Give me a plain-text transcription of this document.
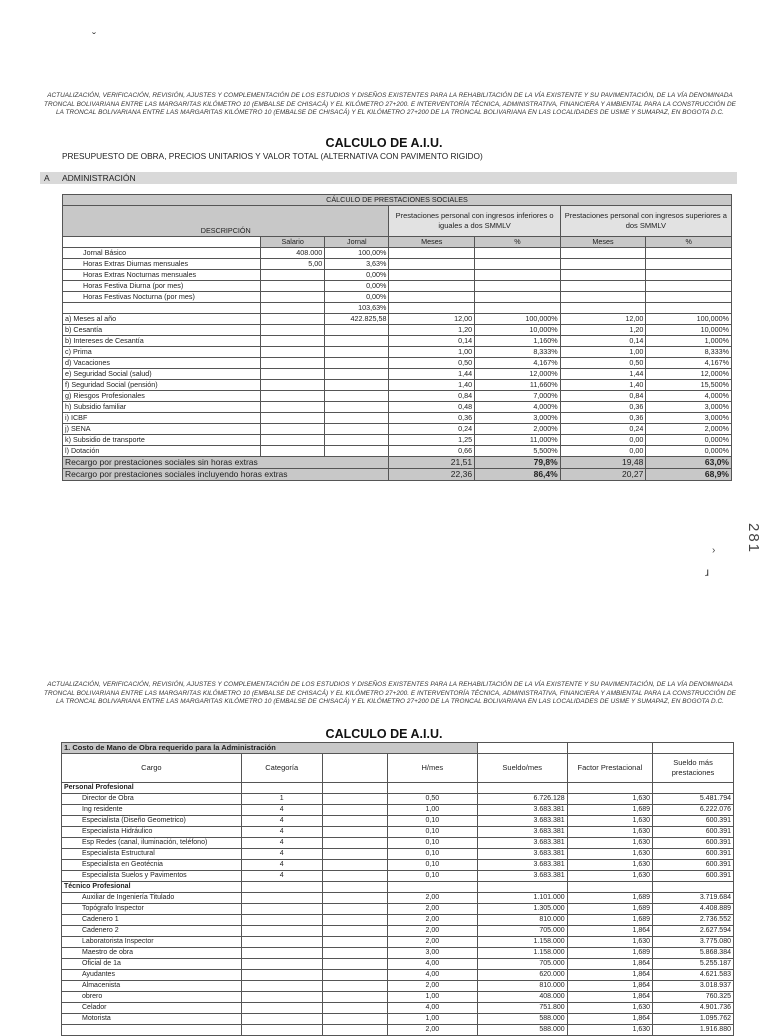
ˇ
281
›
ɹ
ACTUALIZACIÓN, VERIFICACIÓN, REVISIÓN, AJUSTES Y COMPLEMENTACIÓN DE LOS ESTUDIOS Y DISEÑOS EXISTENTES PARA LA REHABILITACIÓN DE LA VÍA EXISTENTE Y SU PAVIMENTACIÓN, DE LA VÍA DENOMINADA TRONCAL BOLIVARIANA ENTRE LAS MARGARITAS KILÓMETRO 10 (EMBALSE DE CHISACÁ) Y EL KILÓMETRO 27+200. E INTERVENTORÍA TÉCNICA, ADMINISTRATIVA, FINANCIERA Y AMBIENTAL PARA LA CONSTRUCCIÓN DE LA TRONCAL BOLIVARIANA ENTRE LAS MARGARITAS KILÓMETRO 10 (EMBALSE DE CHISACÁ) Y EL KILÓMETRO 27+200 DE LA TRONCAL BOLIVARIANA EN LAS LOCALIDADES DE USME Y SUMAPAZ, EN BOGOTA D.C.
CALCULO DE A.I.U.
PRESUPUESTO DE OBRA, PRECIOS UNITARIOS Y VALOR TOTAL (ALTERNATIVA CON PAVIMENTO RIGIDO)
A ADMINISTRACIÓN
CÁLCULO DE PRESTACIONES SOCIALES						
DESCRIPCIÓN			Prestaciones personal con ingresos inferiores o iguales a dos SMMLV		Prestaciones personal con ingresos superiores a dos SMMLV	
	Salario	Jornal	Meses	%	Meses	%
Jornal Básico	408.000	100,00%				
Horas Extras Diurnas mensuales	5,00	3,63%				
Horas Extras Nocturnas mensuales		0,00%				
Horas Festiva Diurna (por mes)		0,00%				
Horas Festivas Nocturna (por mes)		0,00%				
		103,63%				
a) Meses al año		422.825,58	12,00	100,000%	12,00	100,000%
b) Cesantía			1,20	10,000%	1,20	10,000%
b) Intereses de Cesantía			0,14	1,160%	0,14	1,000%
c) Prima			1,00	8,333%	1,00	8,333%
d) Vacaciones			0,50	4,167%	0,50	4,167%
e) Seguridad Social (salud)			1,44	12,000%	1,44	12,000%
f) Seguridad Social (pensión)			1,40	11,660%	1,40	15,500%
g) Riesgos Profesionales			0,84	7,000%	0,84	4,000%
h) Subsidio familiar			0,48	4,000%	0,36	3,000%
i) ICBF			0,36	3,000%	0,36	3,000%
j) SENA			0,24	2,000%	0,24	2,000%
k) Subsidio de transporte			1,25	11,000%	0,00	0,000%
l) Dotación			0,66	5,500%	0,00	0,000%
Recargo por prestaciones sociales sin horas extras			21,51	79,8%	19,48	63,0%
Recargo por prestaciones sociales incluyendo horas extras			22,36	86,4%	20,27	68,9%
ACTUALIZACIÓN, VERIFICACIÓN, REVISIÓN, AJUSTES Y COMPLEMENTACIÓN DE LOS ESTUDIOS Y DISEÑOS EXISTENTES PARA LA REHABILITACIÓN DE LA VÍA EXISTENTE Y SU PAVIMENTACIÓN, DE LA VÍA DENOMINADA TRONCAL BOLIVARIANA ENTRE LAS MARGARITAS KILÓMETRO 10 (EMBALSE DE CHISACÁ) Y EL KILÓMETRO 27+200. E INTERVENTORÍA TÉCNICA, ADMINISTRATIVA, FINANCIERA Y AMBIENTAL PARA LA CONSTRUCCIÓN DE LA TRONCAL BOLIVARIANA ENTRE LAS MARGARITAS KILÓMETRO 10 (EMBALSE DE CHISACÁ) Y EL KILÓMETRO 27+200 DE LA TRONCAL BOLIVARIANA EN LAS LOCALIDADES DE USME Y SUMAPAZ, EN BOGOTA D.C.
CALCULO DE A.I.U.
1. Costo de Mano de Obra requerido para la Administración						
Cargo	Categoría		H/mes	Sueldo/mes	Factor Prestacional	Sueldo más prestaciones
Personal Profesional						
Director de Obra	1		0,50	6.726.128	1,630	5.481.794
Ing residente	4		1,00	3.683.381	1,689	6.222.076
Especialista (Diseño Geometrico)	4		0,10	3.683.381	1,630	600.391
Especialista Hidráulico	4		0,10	3.683.381	1,630	600.391
Esp Redes (canal, iluminación, teléfono)	4		0,10	3.683.381	1,630	600.391
Especialista Estructural	4		0,10	3.683.381	1,630	600.391
Especialista en Geotécnia	4		0,10	3.683.381	1,630	600.391
Especialista Suelos y Pavimentos	4		0,10	3.683.381	1,630	600.391
Técnico Profesional						
Auxiliar de Ingeniería Titulado			2,00	1.101.000	1,689	3.719.684
Topógrafo Inspector			2,00	1.305.000	1,689	4.408.889
Cadenero 1			2,00	810.000	1,689	2.736.552
Cadenero 2			2,00	705.000	1,864	2.627.594
Laboratorista Inspector			2,00	1.158.000	1,630	3.775.080
Maestro de obra			3,00	1.158.000	1,689	5.868.384
Oficial de 1a			4,00	705.000	1,864	5.255.187
Ayudantes			4,00	620.000	1,864	4.621.583
Almacenista			2,00	810.000	1,864	3.018.937
obrero			1,00	408.000	1,864	760.325
Celador			4,00	751.800	1,630	4.901.736
Motorista			1,00	588.000	1,864	1.095.762
			2,00	588.000	1,630	1.916.880
